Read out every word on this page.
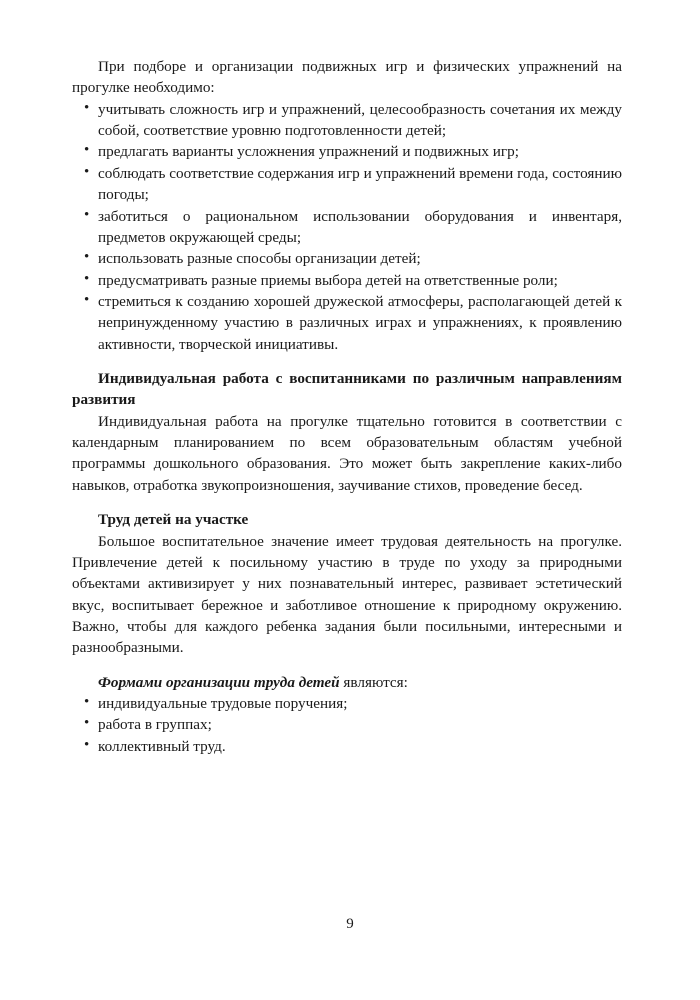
При подборе и организации подвижных игр и физических упражнений на прогулке необходимо:

• учитывать сложность игр и упражнений, целесообразность сочетания их между собой, соответствие уровню подготовленности детей;
• предлагать варианты усложнения упражнений и подвижных игр;
• соблюдать соответствие содержания игр и упражнений времени года, состоянию погоды;
• заботиться о рациональном использовании оборудования и инвентаря, предметов окружающей среды;
• использовать разные способы организации детей;
• предусматривать разные приемы выбора детей на ответственные роли;
• стремиться к созданию хорошей дружеской атмосферы, располагающей детей к непринужденному участию в различных играх и упражнениях, к проявлению активности, творческой инициативы.
Индивидуальная работа с воспитанниками по различным направлениям развития

Индивидуальная работа на прогулке тщательно готовится в соответствии с календарным планированием по всем образовательным областям учебной программы дошкольного образования. Это может быть закрепление каких-либо навыков, отработка звукопроизношения, заучивание стихов, проведение бесед.

Труд детей на участке

Большое воспитательное значение имеет трудовая деятельность на прогулке. Привлечение детей к посильному участию в труде по уходу за природными объектами активизирует у них познавательный интерес, развивает эстетический вкус, воспитывает бережное и заботливое отношение к природному окружению. Важно, чтобы для каждого ребенка задания были посильными, интересными и разнообразными.

Формами организации труда детей являются:

• индивидуальные трудовые поручения;
• работа в группах;
• коллективный труд.
9
